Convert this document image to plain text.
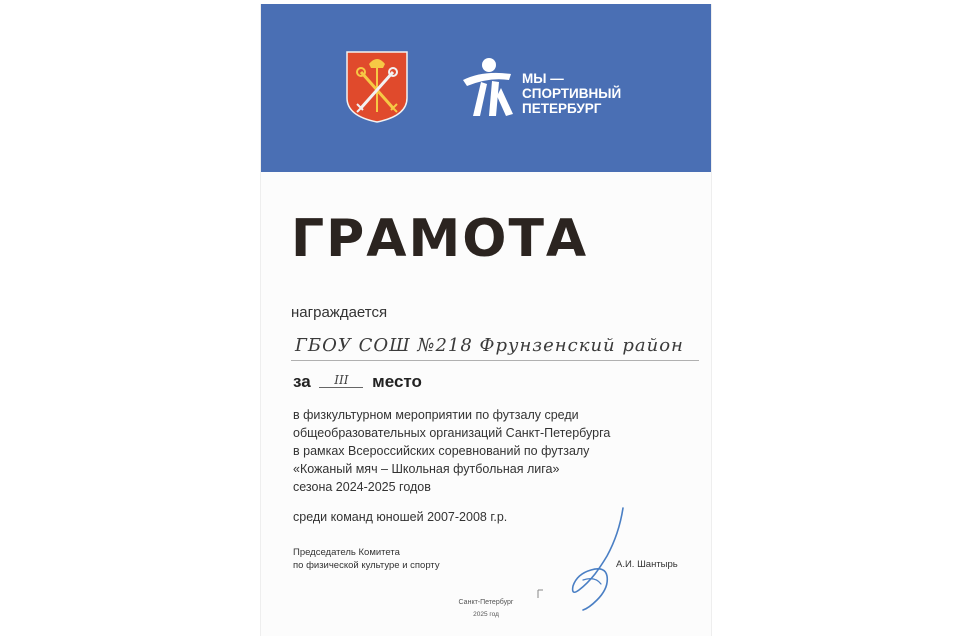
МЫ —
СПОРТИВНЫЙ
ПЕТЕРБУРГ
ГРАМОТА
награждается
ГБОУ СОШ №218 Фрунзенский район
за III место
в физкультурном мероприятии по футзалу среди
общеобразовательных организаций Санкт-Петербурга
в рамках Всероссийских соревнований по футзалу
«Кожаный мяч – Школьная футбольная лига»
сезона 2024-2025 годов
среди команд юношей 2007-2008 г.р.
Председатель Комитета
по физической культуре и спорту	А.И. Шантырь
Санкт-Петербург
2025 год
